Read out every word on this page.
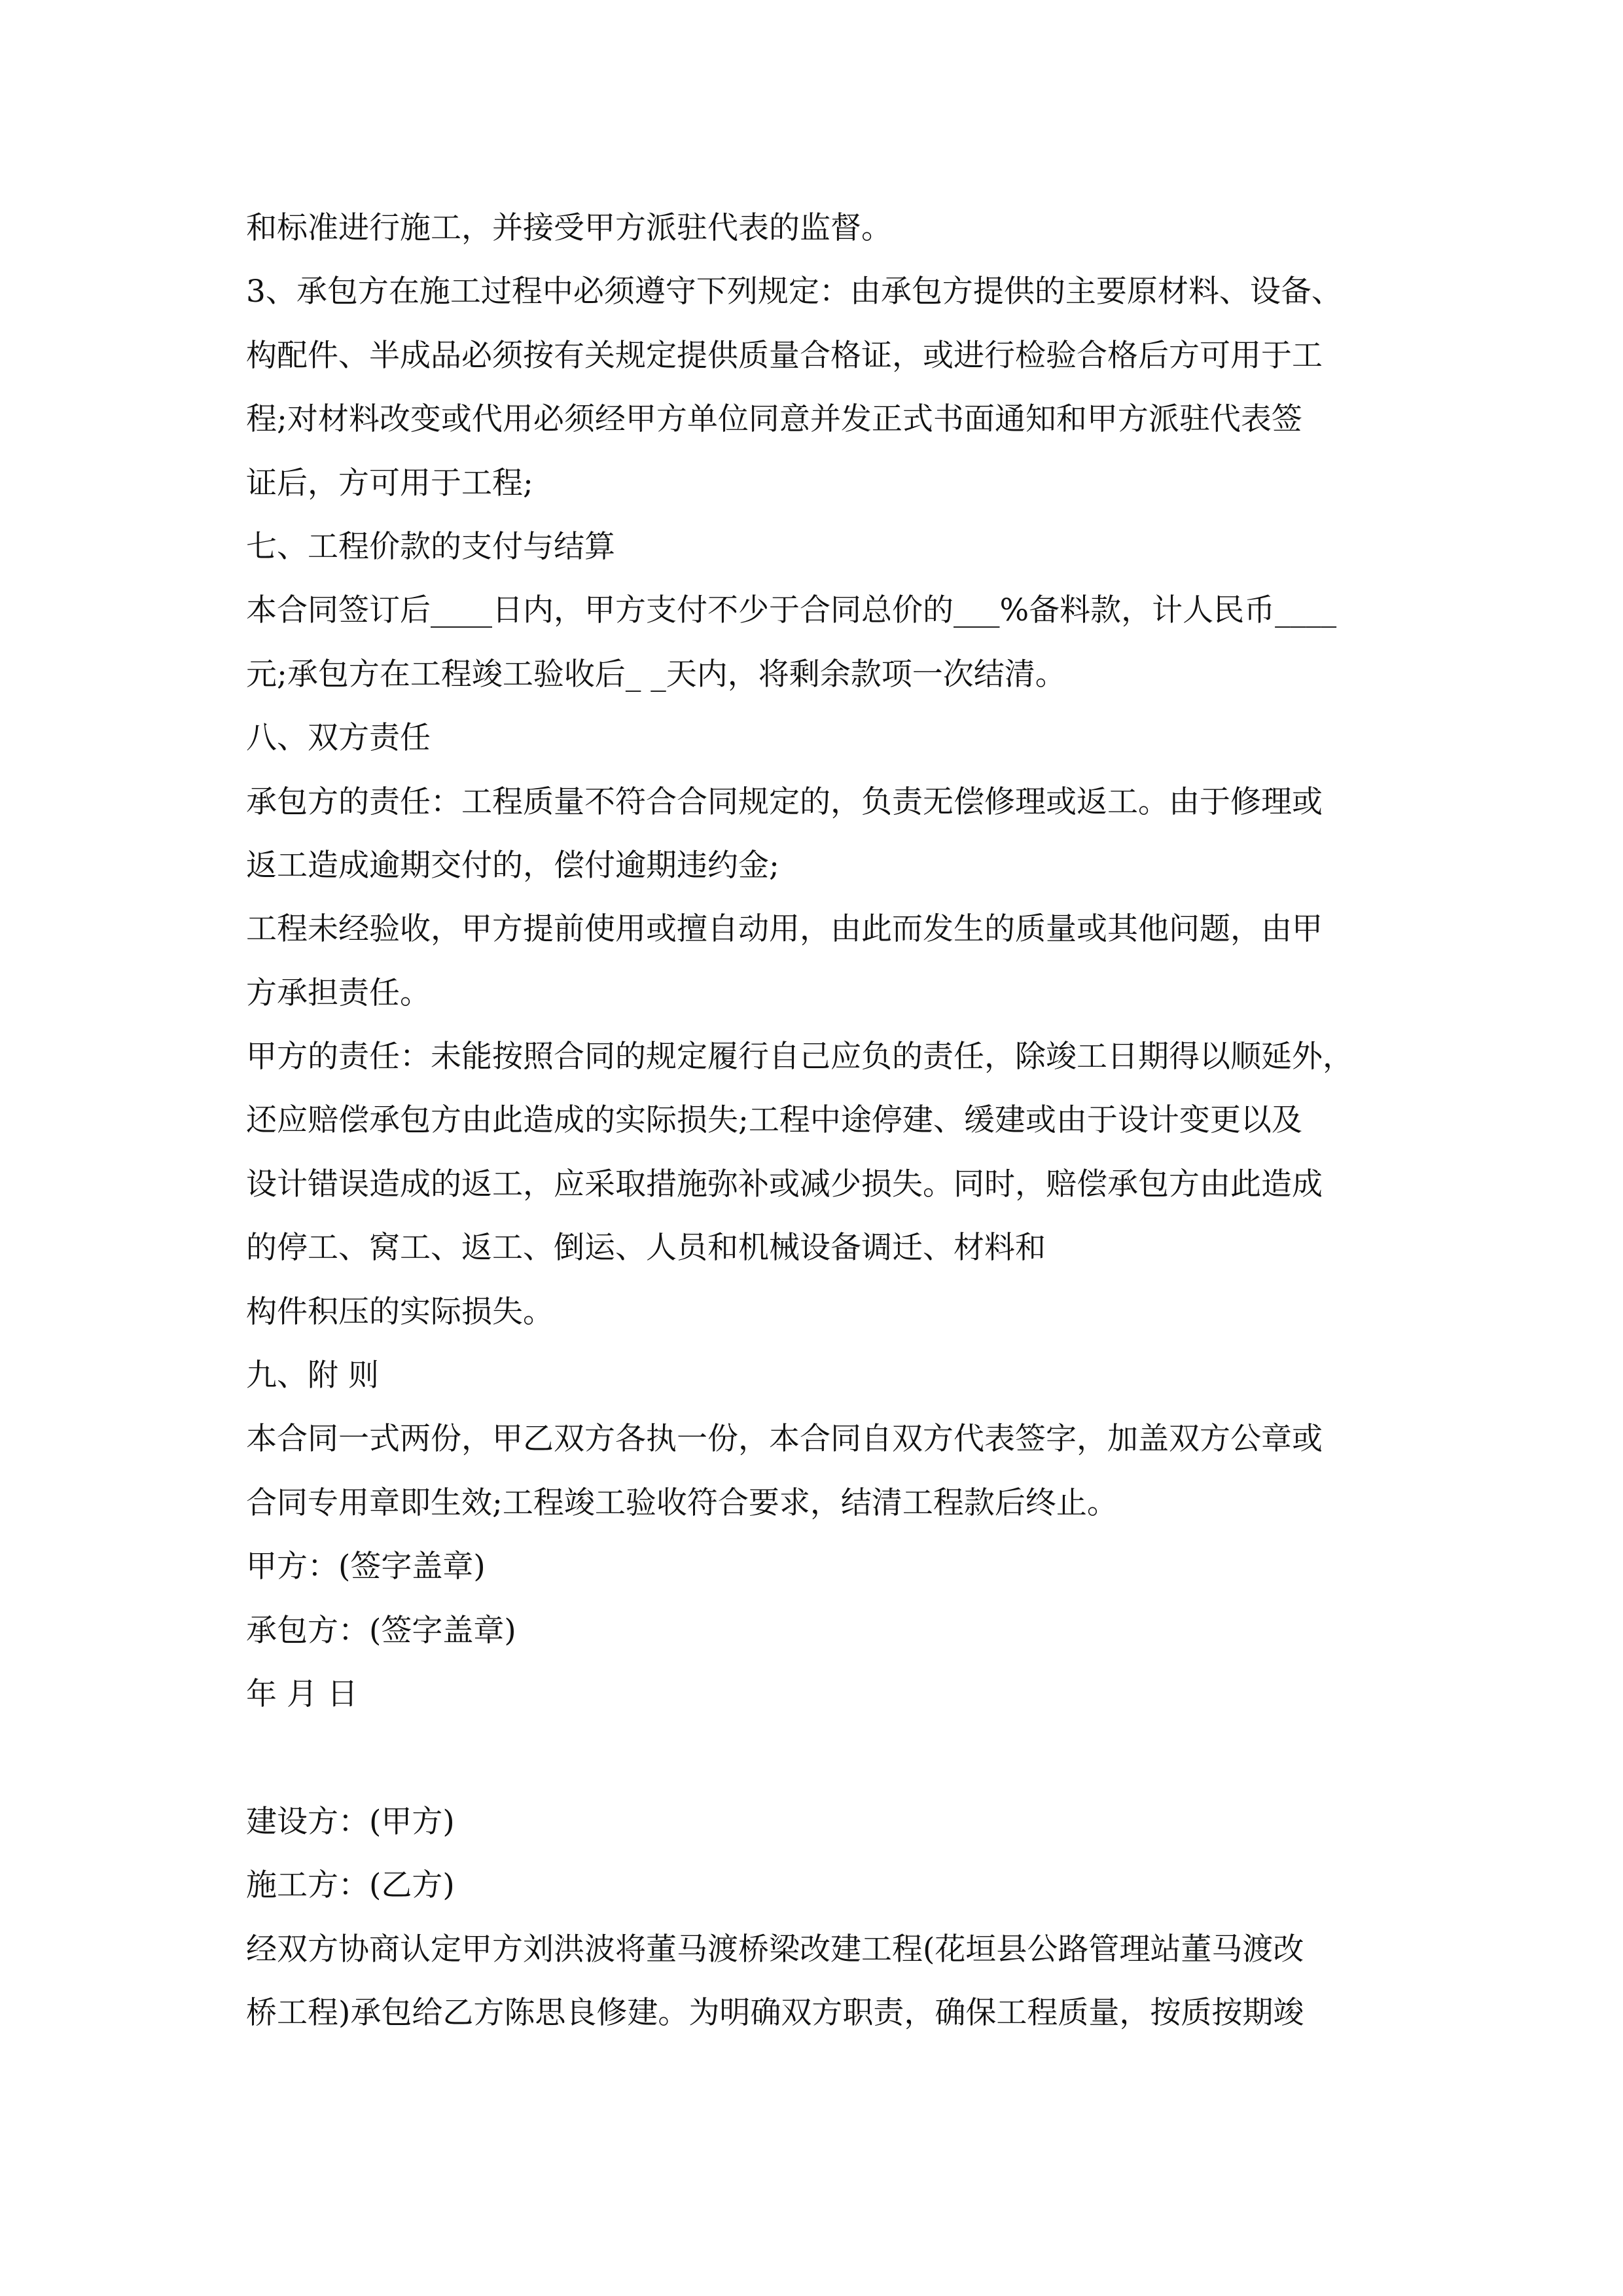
和标准进行施工，并接受甲方派驻代表的监督。
3、承包方在施工过程中必须遵守下列规定：由承包方提供的主要原材料、设备、
构配件、半成品必须按有关规定提供质量合格证，或进行检验合格后方可用于工
程;对材料改变或代用必须经甲方单位同意并发正式书面通知和甲方派驻代表签
证后，方可用于工程;
七、工程价款的支付与结算
本合同签订后____日内，甲方支付不少于合同总价的___%备料款，计人民币____
元;承包方在工程竣工验收后_ _天内，将剩余款项一次结清。
八、双方责任
承包方的责任：工程质量不符合合同规定的，负责无偿修理或返工。由于修理或
返工造成逾期交付的，偿付逾期违约金;
工程未经验收，甲方提前使用或擅自动用，由此而发生的质量或其他问题，由甲
方承担责任。
甲方的责任：未能按照合同的规定履行自己应负的责任，除竣工日期得以顺延外，
还应赔偿承包方由此造成的实际损失;工程中途停建、缓建或由于设计变更以及
设计错误造成的返工，应采取措施弥补或减少损失。同时，赔偿承包方由此造成
的停工、窝工、返工、倒运、人员和机械设备调迁、材料和
构件积压的实际损失。
九、附 则
本合同一式两份，甲乙双方各执一份，本合同自双方代表签字，加盖双方公章或
合同专用章即生效;工程竣工验收符合要求，结清工程款后终止。
甲方：(签字盖章)
承包方：(签字盖章)
年 月 日
建设方：(甲方)
施工方：(乙方)
经双方协商认定甲方刘洪波将董马渡桥梁改建工程(花垣县公路管理站董马渡改
桥工程)承包给乙方陈思良修建。为明确双方职责，确保工程质量，按质按期竣
